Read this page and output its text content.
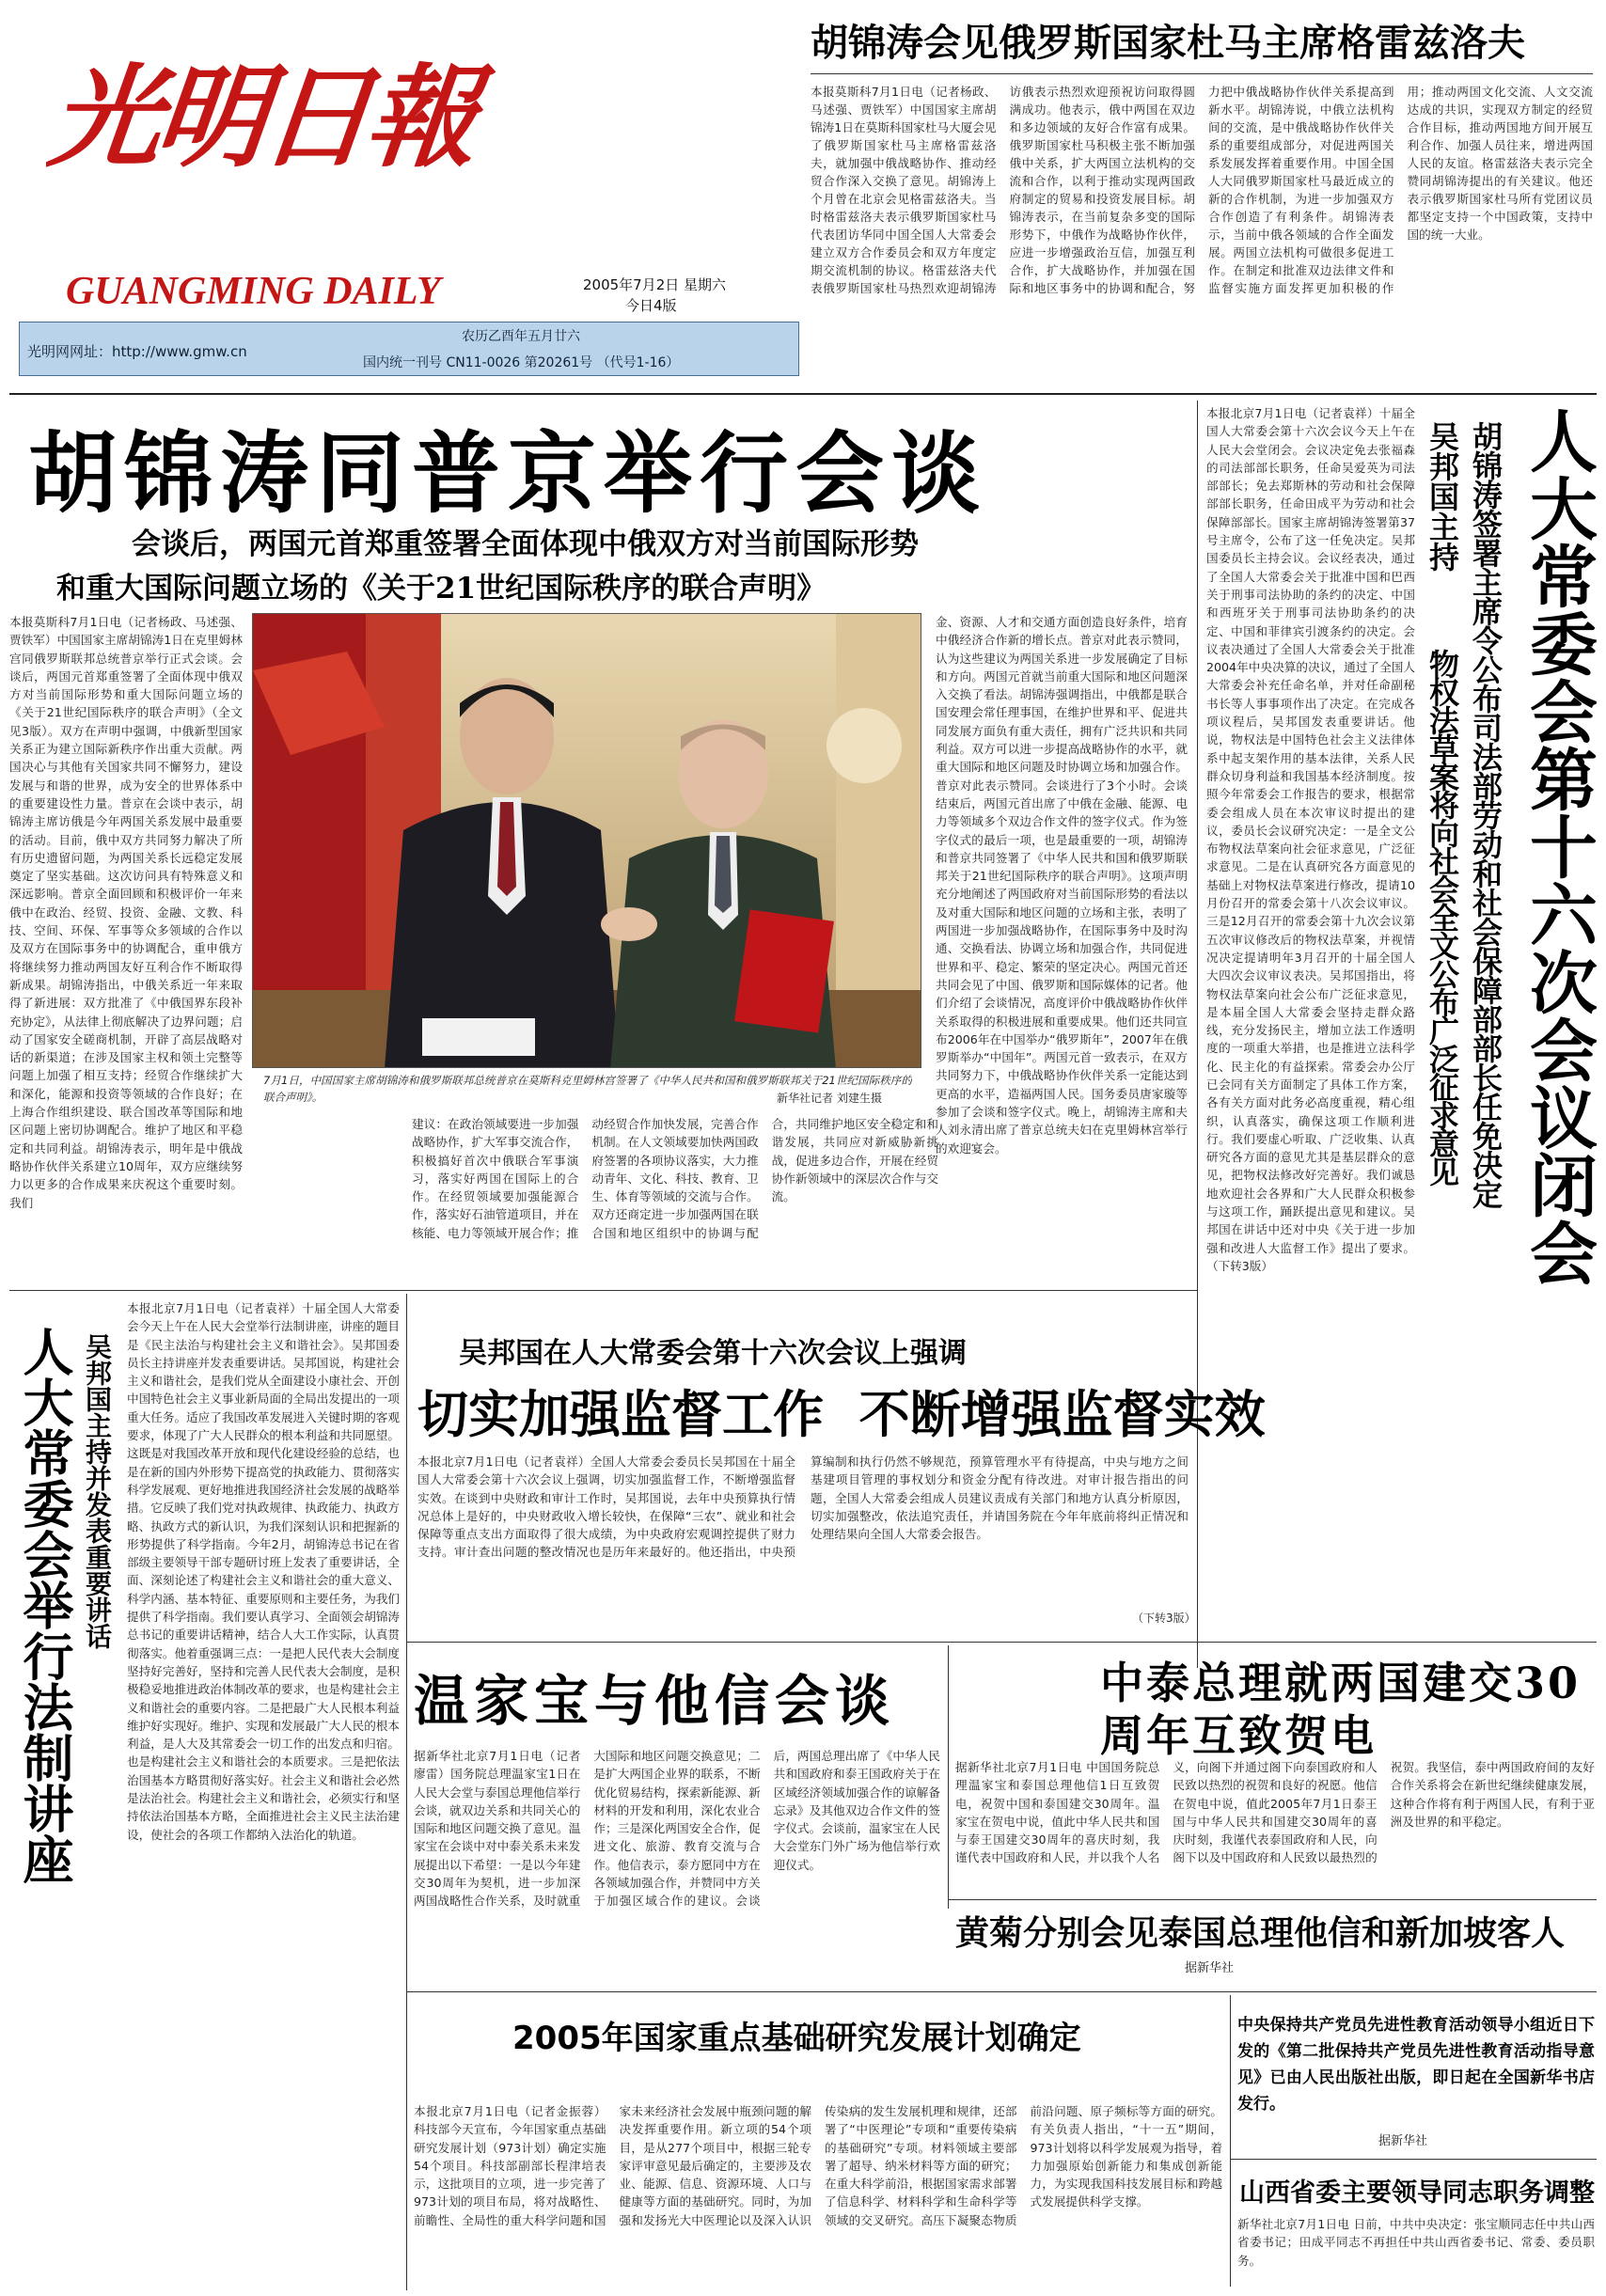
光明日報
GUANGMING DAILY	2005年7月2日 星期六
今日4版
农历乙酉年五月廿六
光明网网址：http://www.gmw.cn
国内统一刊号 CN11-0026 第20261号 （代号1-16）
胡锦涛会见俄罗斯国家杜马主席格雷兹洛夫
本报莫斯科7月1日电（记者杨政、马述强、贾铁军）中国国家主席胡锦涛1日在莫斯科国家杜马大厦会见了俄罗斯国家杜马主席格雷兹洛夫，就加强中俄战略协作、推动经贸合作深入交换了意见。胡锦涛上个月曾在北京会见格雷兹洛夫。当时格雷兹洛夫表示俄罗斯国家杜马代表团访华同中国全国人大常委会建立双方合作委员会和双方年度定期交流机制的协议。格雷兹洛夫代表俄罗斯国家杜马热烈欢迎胡锦涛访俄表示热烈欢迎预祝访问取得圆满成功。他表示，俄中两国在双边和多边领域的友好合作富有成果。俄罗斯国家杜马积极主张不断加强俄中关系，扩大两国立法机构的交流和合作，以利于推动实现两国政府制定的贸易和投资发展目标。胡锦涛表示，在当前复杂多变的国际形势下，中俄作为战略协作伙伴，应进一步增强政治互信，加强互利合作，扩大战略协作，并加强在国际和地区事务中的协调和配合，努力把中俄战略协作伙伴关系提高到新水平。胡锦涛说，中俄立法机构间的交流，是中俄战略协作伙伴关系的重要组成部分，对促进两国关系发展发挥着重要作用。中国全国人大同俄罗斯国家杜马最近成立的新的合作机制，为进一步加强双方合作创造了有利条件。胡锦涛表示，当前中俄各领域的合作全面发展。两国立法机构可做很多促进工作。在制定和批准双边法律文件和监督实施方面发挥更加积极的作用；推动两国文化交流、人文交流达成的共识，实现双方制定的经贸合作目标，推动两国地方间开展互利合作、加强人员往来，增进两国人民的友谊。格雷兹洛夫表示完全赞同胡锦涛提出的有关建议。他还表示俄罗斯国家杜马所有党团议员都坚定支持一个中国政策，支持中国的统一大业。
胡锦涛同普京举行会谈
会谈后，两国元首郑重签署全面体现中俄双方对当前国际形势
和重大国际问题立场的《关于21世纪国际秩序的联合声明》
本报莫斯科7月1日电（记者杨政、马述强、贾铁军）中国国家主席胡锦涛1日在克里姆林宫同俄罗斯联邦总统普京举行正式会谈。会谈后，两国元首郑重签署了全面体现中俄双方对当前国际形势和重大国际问题立场的《关于21世纪国际秩序的联合声明》（全文见3版）。双方在声明中强调，中俄新型国家关系正为建立国际新秩序作出重大贡献。两国决心与其他有关国家共同不懈努力，建设发展与和谐的世界，成为安全的世界体系中的重要建设性力量。普京在会谈中表示，胡锦涛主席访俄是今年两国关系发展中最重要的活动。目前，俄中双方共同努力解决了所有历史遗留问题，为两国关系长远稳定发展奠定了坚实基础。这次访问具有特殊意义和深远影响。普京全面回顾和积极评价一年来俄中在政治、经贸、投资、金融、文教、科技、空间、环保、军事等众多领域的合作以及双方在国际事务中的协调配合，重申俄方将继续努力推动两国友好互利合作不断取得新成果。胡锦涛指出，中俄关系近一年来取得了新进展：双方批准了《中俄国界东段补充协定》，从法律上彻底解决了边界问题；启动了国家安全磋商机制，开辟了高层战略对话的新渠道；在涉及国家主权和领土完整等问题上加强了相互支持；经贸合作继续扩大和深化，能源和投资等领域的合作良好；在上海合作组织建设、联合国改革等国际和地区问题上密切协调配合。维护了地区和平稳定和共同利益。胡锦涛表示，明年是中俄战略协作伙伴关系建立10周年，双方应继续努力以更多的合作成果来庆祝这个重要时刻。我们
7月1日，中国国家主席胡锦涛和俄罗斯联邦总统普京在莫斯科克里姆林宫签署了《中华人民共和国和俄罗斯联邦关于21世纪国际秩序的联合声明》。	新华社记者 刘建生摄
金、资源、人才和交通方面创造良好条件，培育中俄经济合作新的增长点。普京对此表示赞同，认为这些建议为两国关系进一步发展确定了目标和方向。两国元首就当前重大国际和地区问题深入交换了看法。胡锦涛强调指出，中俄都是联合国安理会常任理事国，在维护世界和平、促进共同发展方面负有重大责任，拥有广泛共识和共同利益。双方可以进一步提高战略协作的水平，就重大国际和地区问题及时协调立场和加强合作。普京对此表示赞同。会谈进行了3个小时。会谈结束后，两国元首出席了中俄在金融、能源、电力等领域多个双边合作文件的签字仪式。作为签字仪式的最后一项，也是最重要的一项，胡锦涛和普京共同签署了《中华人民共和国和俄罗斯联邦关于21世纪国际秩序的联合声明》。这项声明充分地阐述了两国政府对当前国际形势的看法以及对重大国际和地区问题的立场和主张，表明了两国进一步加强战略协作，在国际事务中及时沟通、交换看法、协调立场和加强合作，共同促进世界和平、稳定、繁荣的坚定决心。两国元首还共同会见了中国、俄罗斯和国际媒体的记者。他们介绍了会谈情况，高度评价中俄战略协作伙伴关系取得的积极进展和重要成果。他们还共同宣布2006年在中国举办“俄罗斯年”，2007年在俄罗斯举办“中国年”。两国元首一致表示，在双方共同努力下，中俄战略协作伙伴关系一定能达到更高的水平，造福两国人民。国务委员唐家璇等参加了会谈和签字仪式。晚上，胡锦涛主席和夫人刘永清出席了普京总统夫妇在克里姆林宫举行的欢迎宴会。
建议：在政治领域要进一步加强战略协作，扩大军事交流合作，积极搞好首次中俄联合军事演习，落实好两国在国际上的合作。在经贸领域要加强能源合作，落实好石油管道项目，并在核能、电力等领域开展合作；推动经贸合作加快发展，完善合作机制。在人文领域要加快两国政府签署的各项协议落实，大力推动青年、文化、科技、教育、卫生、体育等领域的交流与合作。双方还商定进一步加强两国在联合国和地区组织中的协调与配合，共同维护地区安全稳定和和谐发展，共同应对新威胁新挑战，促进多边合作，开展在经贸协作新领域中的深层次合作与交流。	人大常委会第十六次会议闭会
胡锦涛签署主席令公布司法部劳动和社会保障部部长任免决定
吴邦国主持
物权法草案将向社会全文公布广泛征求意见
本报北京7月1日电（记者袁祥）十届全国人大常委会第十六次会议今天上午在人民大会堂闭会。会议决定免去张福森的司法部部长职务，任命吴爱英为司法部部长；免去郑斯林的劳动和社会保障部部长职务，任命田成平为劳动和社会保障部部长。国家主席胡锦涛签署第37号主席令，公布了这一任免决定。吴邦国委员长主持会议。会议经表决，通过了全国人大常委会关于批准中国和巴西关于刑事司法协助的条约的决定、中国和西班牙关于刑事司法协助条约的决定、中国和菲律宾引渡条约的决定。会议表决通过了全国人大常委会关于批准2004年中央决算的决议，通过了全国人大常委会补充任命名单，并对任命副秘书长等人事事项作出了决定。在完成各项议程后，吴邦国发表重要讲话。他说，物权法是中国特色社会主义法律体系中起支架作用的基本法律，关系人民群众切身利益和我国基本经济制度。按照今年常委会工作报告的要求，根据常委会组成人员在本次审议时提出的建议，委员长会议研究决定：一是全文公布物权法草案向社会征求意见，广泛征求意见。二是在认真研究各方面意见的基础上对物权法草案进行修改，提请10月份召开的常委会第十八次会议审议。三是12月召开的常委会第十九次会议第五次审议修改后的物权法草案，并视情况决定提请明年3月召开的十届全国人大四次会议审议表决。吴邦国指出，将物权法草案向社会公布广泛征求意见，是本届全国人大常委会坚持走群众路线，充分发扬民主，增加立法工作透明度的一项重大举措，也是推进立法科学化、民主化的有益探索。常委会办公厅已会同有关方面制定了具体工作方案，各有关方面对此务必高度重视，精心组织，认真落实，确保这项工作顺利进行。我们要虚心听取、广泛收集、认真研究各方面的意见尤其是基层群众的意见，把物权法修改好完善好。我们诚恳地欢迎社会各界和广大人民群众积极参与这项工作，踊跃提出意见和建议。吴邦国在讲话中还对中央《关于进一步加强和改进人大监督工作》提出了要求。（下转3版）
人大常委会举行法制讲座 吴邦国主持并发表重要讲话
本报北京7月1日电（记者袁祥）十届全国人大常委会今天上午在人民大会堂举行法制讲座，讲座的题目是《民主法治与构建社会主义和谐社会》。吴邦国委员长主持讲座并发表重要讲话。吴邦国说，构建社会主义和谐社会，是我们党从全面建设小康社会、开创中国特色社会主义事业新局面的全局出发提出的一项重大任务。适应了我国改革发展进入关键时期的客观要求，体现了广大人民群众的根本利益和共同愿望。这既是对我国改革开放和现代化建设经验的总结，也是在新的国内外形势下提高党的执政能力、贯彻落实科学发展观、更好地推进我国经济社会发展的战略举措。它反映了我们党对执政规律、执政能力、执政方略、执政方式的新认识，为我们深刻认识和把握新的形势提供了科学指南。今年2月，胡锦涛总书记在省部级主要领导干部专题研讨班上发表了重要讲话，全面、深刻论述了构建社会主义和谐社会的重大意义、科学内涵、基本特征、重要原则和主要任务，为我们提供了科学指南。我们要认真学习、全面领会胡锦涛总书记的重要讲话精神，结合人大工作实际，认真贯彻落实。他着重强调三点：一是把人民代表大会制度坚持好完善好，坚持和完善人民代表大会制度，是积极稳妥地推进政治体制改革的要求，也是构建社会主义和谐社会的重要内容。二是把最广大人民根本利益维护好实现好。维护、实现和发展最广大人民的根本利益，是人大及其常委会一切工作的出发点和归宿。也是构建社会主义和谐社会的本质要求。三是把依法治国基本方略贯彻好落实好。社会主义和谐社会必然是法治社会。构建社会主义和谐社会，必须实行和坚持依法治国基本方略，全面推进社会主义民主法治建设，使社会的各项工作都纳入法治化的轨道。
吴邦国在人大常委会第十六次会议上强调
切实加强监督工作  不断增强监督实效
本报北京7月1日电（记者袁祥）全国人大常委会委员长吴邦国在十届全国人大常委会第十六次会议上强调，切实加强监督工作，不断增强监督实效。在谈到中央财政和审计工作时，吴邦国说，去年中央预算执行情况总体上是好的，中央财政收入增长较快，在保障“三农”、就业和社会保障等重点支出方面取得了很大成绩，为中央政府宏观调控提供了财力支持。审计查出问题的整改情况也是历年来最好的。他还指出，中央预算编制和执行仍然不够规范，预算管理水平有待提高，中央与地方之间基建项目管理的事权划分和资金分配有待改进。对审计报告指出的问题，全国人大常委会组成人员建议责成有关部门和地方认真分析原因，切实加强整改，依法追究责任，并请国务院在今年年底前将纠正情况和处理结果向全国人大常委会报告。
（下转3版）
温家宝与他信会谈
据新华社北京7月1日电（记者廖雷）国务院总理温家宝1日在人民大会堂与泰国总理他信举行会谈，就双边关系和共同关心的国际和地区问题交换了意见。温家宝在会谈中对中泰关系未来发展提出以下希望：一是以今年建交30周年为契机，进一步加深两国战略性合作关系，及时就重大国际和地区问题交换意见；二是扩大两国企业界的联系，不断优化贸易结构，探索新能源、新材料的开发和利用，深化农业合作；三是深化两国安全合作，促进文化、旅游、教育交流与合作。他信表示，泰方愿同中方在各领域加强合作，并赞同中方关于加强区域合作的建议。会谈后，两国总理出席了《中华人民共和国政府和泰王国政府关于在区域经济领域加强合作的谅解备忘录》及其他双边合作文件的签字仪式。会谈前，温家宝在人民大会堂东门外广场为他信举行欢迎仪式。
中泰总理就两国建交30周年互致贺电
据新华社北京7月1日电 中国国务院总理温家宝和泰国总理他信1日互致贺电，祝贺中国和泰国建交30周年。温家宝在贺电中说，值此中华人民共和国与泰王国建交30周年的喜庆时刻，我谨代表中国政府和人民，并以我个人名义，向阁下并通过阁下向泰国政府和人民致以热烈的祝贺和良好的祝愿。他信在贺电中说，值此2005年7月1日泰王国与中华人民共和国建交30周年的喜庆时刻，我谨代表泰国政府和人民，向阁下以及中国政府和人民致以最热烈的祝贺。我坚信，泰中两国政府间的友好合作关系将会在新世纪继续健康发展，这种合作将有利于两国人民，有利于亚洲及世界的和平稳定。
黄菊分别会见泰国总理他信和新加坡客人
据新华社
2005年国家重点基础研究发展计划确定
本报北京7月1日电（记者金振蓉）科技部今天宣布，今年国家重点基础研究发展计划（973计划）确定实施54个项目。科技部副部长程津培表示，这批项目的立项，进一步完善了973计划的项目布局，将对战略性、前瞻性、全局性的重大科学问题和国家未来经济社会发展中瓶颈问题的解决发挥重要作用。新立项的54个项目，是从277个项目中，根据三轮专家评审意见最后确定的，主要涉及农业、能源、信息、资源环境、人口与健康等方面的基础研究。同时，为加强和发扬光大中医理论以及深入认识传染病的发生发展机理和规律，还部署了“中医理论”专项和“重要传染病的基础研究”专项。材料领域主要部署了超导、纳米材料等方面的研究；在重大科学前沿，根据国家需求部署了信息科学、材料科学和生命科学等领域的交叉研究。高压下凝聚态物质前沿问题、原子频标等方面的研究。有关负责人指出，“十一五”期间，973计划将以科学发展观为指导，着力加强原始创新能力和集成创新能力，为实现我国科技发展目标和跨越式发展提供科学支撑。
中央保持共产党员先进性教育活动领导小组近日下发的《第二批保持共产党员先进性教育活动指导意见》已由人民出版社出版，即日起在全国新华书店发行。
据新华社
山西省委主要领导同志职务调整
新华社北京7月1日电 日前，中共中央决定：张宝顺同志任中共山西省委书记；田成平同志不再担任中共山西省委书记、常委、委员职务。
